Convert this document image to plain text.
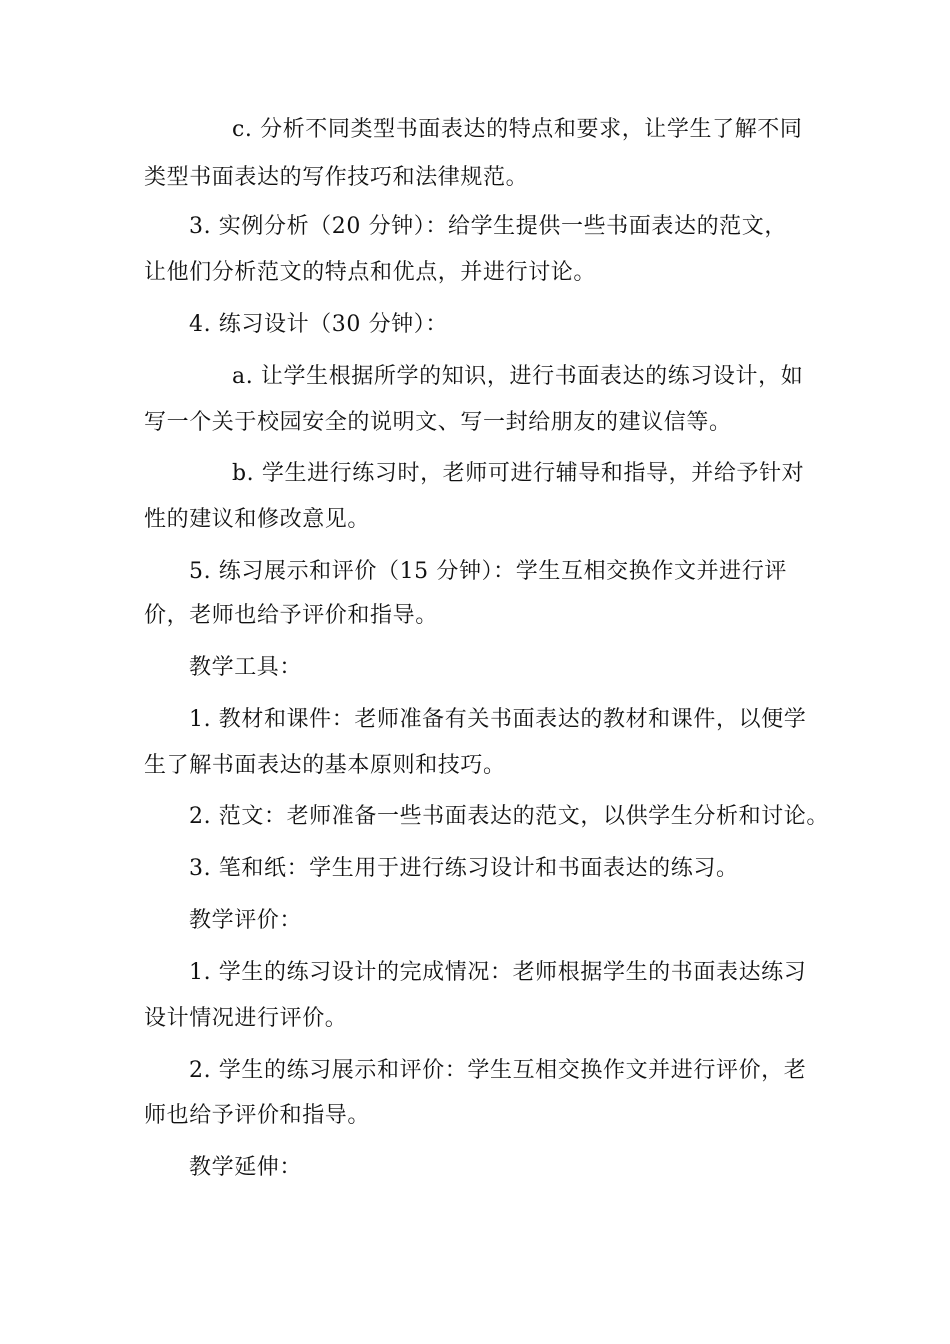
c. 分析不同类型书面表达的特点和要求，让学生了解不同
类型书面表达的写作技巧和法律规范。
3. 实例分析（20 分钟）：给学生提供一些书面表达的范文，
让他们分析范文的特点和优点，并进行讨论。
4. 练习设计（30 分钟）：
a. 让学生根据所学的知识，进行书面表达的练习设计，如
写一个关于校园安全的说明文、写一封给朋友的建议信等。
b. 学生进行练习时，老师可进行辅导和指导，并给予针对
性的建议和修改意见。
5. 练习展示和评价（15 分钟）：学生互相交换作文并进行评
价，老师也给予评价和指导。
教学工具：
1. 教材和课件：老师准备有关书面表达的教材和课件，以便学
生了解书面表达的基本原则和技巧。
2. 范文：老师准备一些书面表达的范文，以供学生分析和讨论。
3. 笔和纸：学生用于进行练习设计和书面表达的练习。
教学评价：
1. 学生的练习设计的完成情况：老师根据学生的书面表达练习
设计情况进行评价。
2. 学生的练习展示和评价：学生互相交换作文并进行评价，老
师也给予评价和指导。
教学延伸：
